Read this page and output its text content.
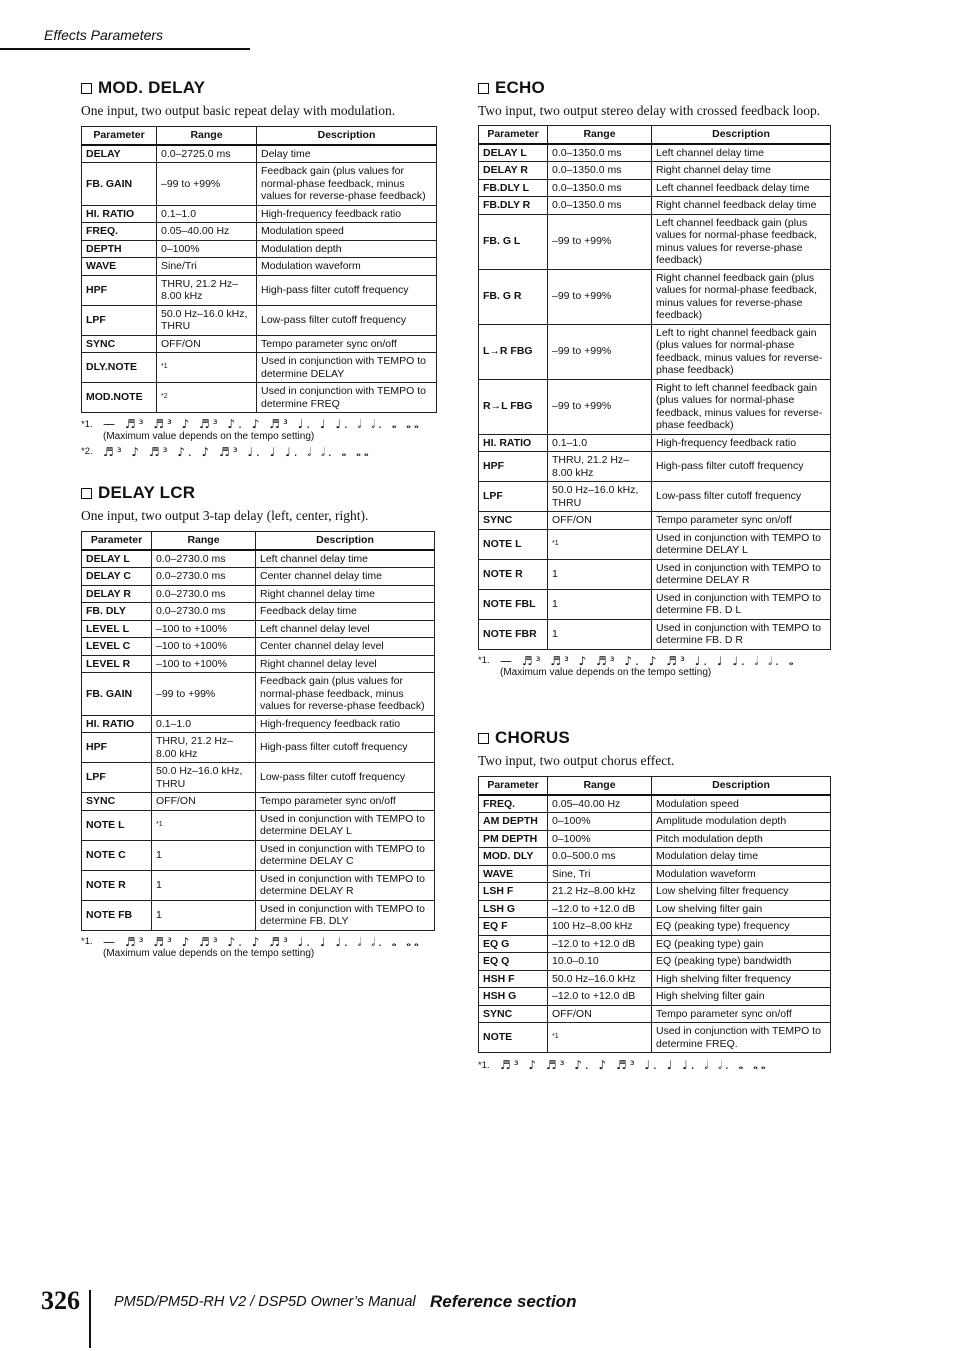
Effects Parameters
MOD. DELAY
One input, two output basic repeat delay with modulation.
Parameter	Range	Description
DELAY	0.0–2725.0 ms	Delay time
FB. GAIN	–99 to +99%	Feedback gain (plus values for normal-phase feedback, minus values for reverse-phase feedback)
HI. RATIO	0.1–1.0	High-frequency feedback ratio
FREQ.	0.05–40.00 Hz	Modulation speed
DEPTH	0–100%	Modulation depth
WAVE	Sine/Tri	Modulation waveform
HPF	THRU, 21.2 Hz–8.00 kHz	High-pass filter cutoff frequency
LPF	50.0 Hz–16.0 kHz, THRU	Low-pass filter cutoff frequency
SYNC	OFF/ON	Tempo parameter sync on/off
DLY.NOTE	$^{*1}$	Used in conjunction with TEMPO to determine DELAY
MOD.NOTE	$^{*2}$	Used in conjunction with TEMPO to determine FREQ
*1. — ♬³ ♬³ ♪ ♬³ ♪. ♪ ♬³ ♩. ♩ ♩. 𝅗𝅥 𝅗𝅥. 𝅝 𝅝𝅝
(Maximum value depends on the tempo setting)
*2. ♬³ ♪ ♬³ ♪. ♪ ♬³ ♩. ♩ ♩. 𝅗𝅥 𝅗𝅥. 𝅝 𝅝𝅝
DELAY LCR
One input, two output 3-tap delay (left, center, right).
Parameter	Range	Description
DELAY L	0.0–2730.0 ms	Left channel delay time
DELAY C	0.0–2730.0 ms	Center channel delay time
DELAY R	0.0–2730.0 ms	Right channel delay time
FB. DLY	0.0–2730.0 ms	Feedback delay time
LEVEL L	–100 to +100%	Left channel delay level
LEVEL C	–100 to +100%	Center channel delay level
LEVEL R	–100 to +100%	Right channel delay level
FB. GAIN	–99 to +99%	Feedback gain (plus values for normal-phase feedback, minus values for reverse-phase feedback)
HI. RATIO	0.1–1.0	High-frequency feedback ratio
HPF	THRU, 21.2 Hz–8.00 kHz	High-pass filter cutoff frequency
LPF	50.0 Hz–16.0 kHz, THRU	Low-pass filter cutoff frequency
SYNC	OFF/ON	Tempo parameter sync on/off
NOTE L	$^{*1}$	Used in conjunction with TEMPO to determine DELAY L
NOTE C	1	Used in conjunction with TEMPO to determine DELAY C
NOTE R	1	Used in conjunction with TEMPO to determine DELAY R
NOTE FB	1	Used in conjunction with TEMPO to determine FB. DLY
*1. — ♬³ ♬³ ♪ ♬³ ♪. ♪ ♬³ ♩. ♩ ♩. 𝅗𝅥 𝅗𝅥. 𝅝 𝅝𝅝
(Maximum value depends on the tempo setting)
ECHO
Two input, two output stereo delay with crossed feedback loop.
Parameter	Range	Description
DELAY L	0.0–1350.0 ms	Left channel delay time
DELAY R	0.0–1350.0 ms	Right channel delay time
FB.DLY L	0.0–1350.0 ms	Left channel feedback delay time
FB.DLY R	0.0–1350.0 ms	Right channel feedback delay time
FB. G L	–99 to +99%	Left channel feedback gain (plus values for normal-phase feedback, minus values for reverse-phase feedback)
FB. G R	–99 to +99%	Right channel feedback gain (plus values for normal-phase feedback, minus values for reverse-phase feedback)
L→R FBG	–99 to +99%	Left to right channel feedback gain (plus values for normal-phase feedback, minus values for reverse-phase feedback)
R→L FBG	–99 to +99%	Right to left channel feedback gain (plus values for normal-phase feedback, minus values for reverse-phase feedback)
HI. RATIO	0.1–1.0	High-frequency feedback ratio
HPF	THRU, 21.2 Hz–8.00 kHz	High-pass filter cutoff frequency
LPF	50.0 Hz–16.0 kHz, THRU	Low-pass filter cutoff frequency
SYNC	OFF/ON	Tempo parameter sync on/off
NOTE L	$^{*1}$	Used in conjunction with TEMPO to determine DELAY L
NOTE R	1	Used in conjunction with TEMPO to determine DELAY R
NOTE FBL	1	Used in conjunction with TEMPO to determine FB. D L
NOTE FBR	1	Used in conjunction with TEMPO to determine FB. D R
*1. — ♬³ ♬³ ♪ ♬³ ♪. ♪ ♬³ ♩. ♩ ♩. 𝅗𝅥 𝅗𝅥. 𝅝
(Maximum value depends on the tempo setting)
CHORUS
Two input, two output chorus effect.
Parameter	Range	Description
FREQ.	0.05–40.00 Hz	Modulation speed
AM DEPTH	0–100%	Amplitude modulation depth
PM DEPTH	0–100%	Pitch modulation depth
MOD. DLY	0.0–500.0 ms	Modulation delay time
WAVE	Sine, Tri	Modulation waveform
LSH F	21.2 Hz–8.00 kHz	Low shelving filter frequency
LSH G	–12.0 to +12.0 dB	Low shelving filter gain
EQ F	100 Hz–8.00 kHz	EQ (peaking type) frequency
EQ G	–12.0 to +12.0 dB	EQ (peaking type) gain
EQ Q	10.0–0.10	EQ (peaking type) bandwidth
HSH F	50.0 Hz–16.0 kHz	High shelving filter frequency
HSH G	–12.0 to +12.0 dB	High shelving filter gain
SYNC	OFF/ON	Tempo parameter sync on/off
NOTE	$^{*1}$	Used in conjunction with TEMPO to determine FREQ.
*1. ♬³ ♪ ♬³ ♪. ♪ ♬³ ♩. ♩ ♩. 𝅗𝅥 𝅗𝅥. 𝅝 𝅝𝅝
326 PM5D/PM5D-RH V2 / DSP5D Owner’s Manual Reference section
